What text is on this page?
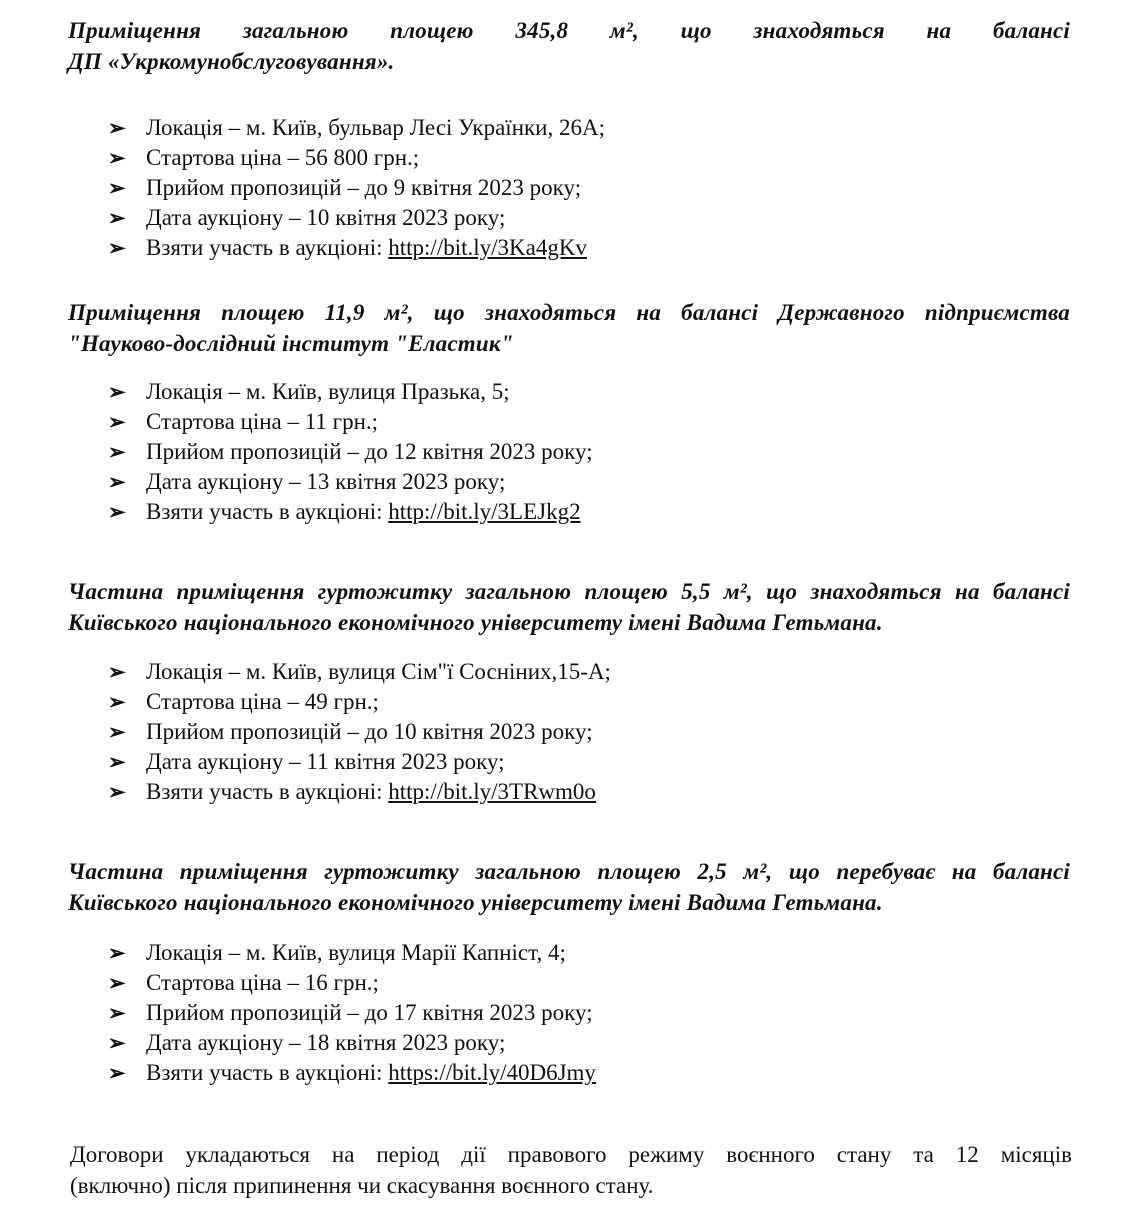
Приміщення загальною площею 345,8 м², що знаходяться на балансі
ДП «Укркомунобслуговування».
➢ Локація – м. Київ, бульвар Лесі Українки, 26А;
➢ Стартова ціна – 56 800 грн.;
➢ Прийом пропозицій – до 9 квітня 2023 року;
➢ Дата аукціону – 10 квітня 2023 року;
➢ Взяти участь в аукціоні: http://bit.ly/3Ka4gKv
Приміщення площею 11,9 м², що знаходяться на балансі Державного підприємства
"Науково-дослідний інститут "Еластик"
➢ Локація – м. Київ, вулиця Празька, 5;
➢ Стартова ціна – 11 грн.;
➢ Прийом пропозицій – до 12 квітня 2023 року;
➢ Дата аукціону – 13 квітня 2023 року;
➢ Взяти участь в аукціоні: http://bit.ly/3LEJkg2
Частина приміщення гуртожитку загальною площею 5,5 м², що знаходяться на балансі
Київського національного економічного університету імені Вадима Гетьмана.
➢ Локація – м. Київ, вулиця Сім"ї Сосніних,15-А;
➢ Стартова ціна – 49 грн.;
➢ Прийом пропозицій – до 10 квітня 2023 року;
➢ Дата аукціону – 11 квітня 2023 року;
➢ Взяти участь в аукціоні: http://bit.ly/3TRwm0o
Частина приміщення гуртожитку загальною площею 2,5 м², що перебуває на балансі
Київського національного економічного університету імені Вадима Гетьмана.
➢ Локація – м. Київ, вулиця Марії Капніст, 4;
➢ Стартова ціна – 16 грн.;
➢ Прийом пропозицій – до 17 квітня 2023 року;
➢ Дата аукціону – 18 квітня 2023 року;
➢ Взяти участь в аукціоні: https://bit.ly/40D6Jmy
Договори укладаються на період дії правового режиму воєнного стану та 12 місяців
(включно) після припинення чи скасування воєнного стану.
